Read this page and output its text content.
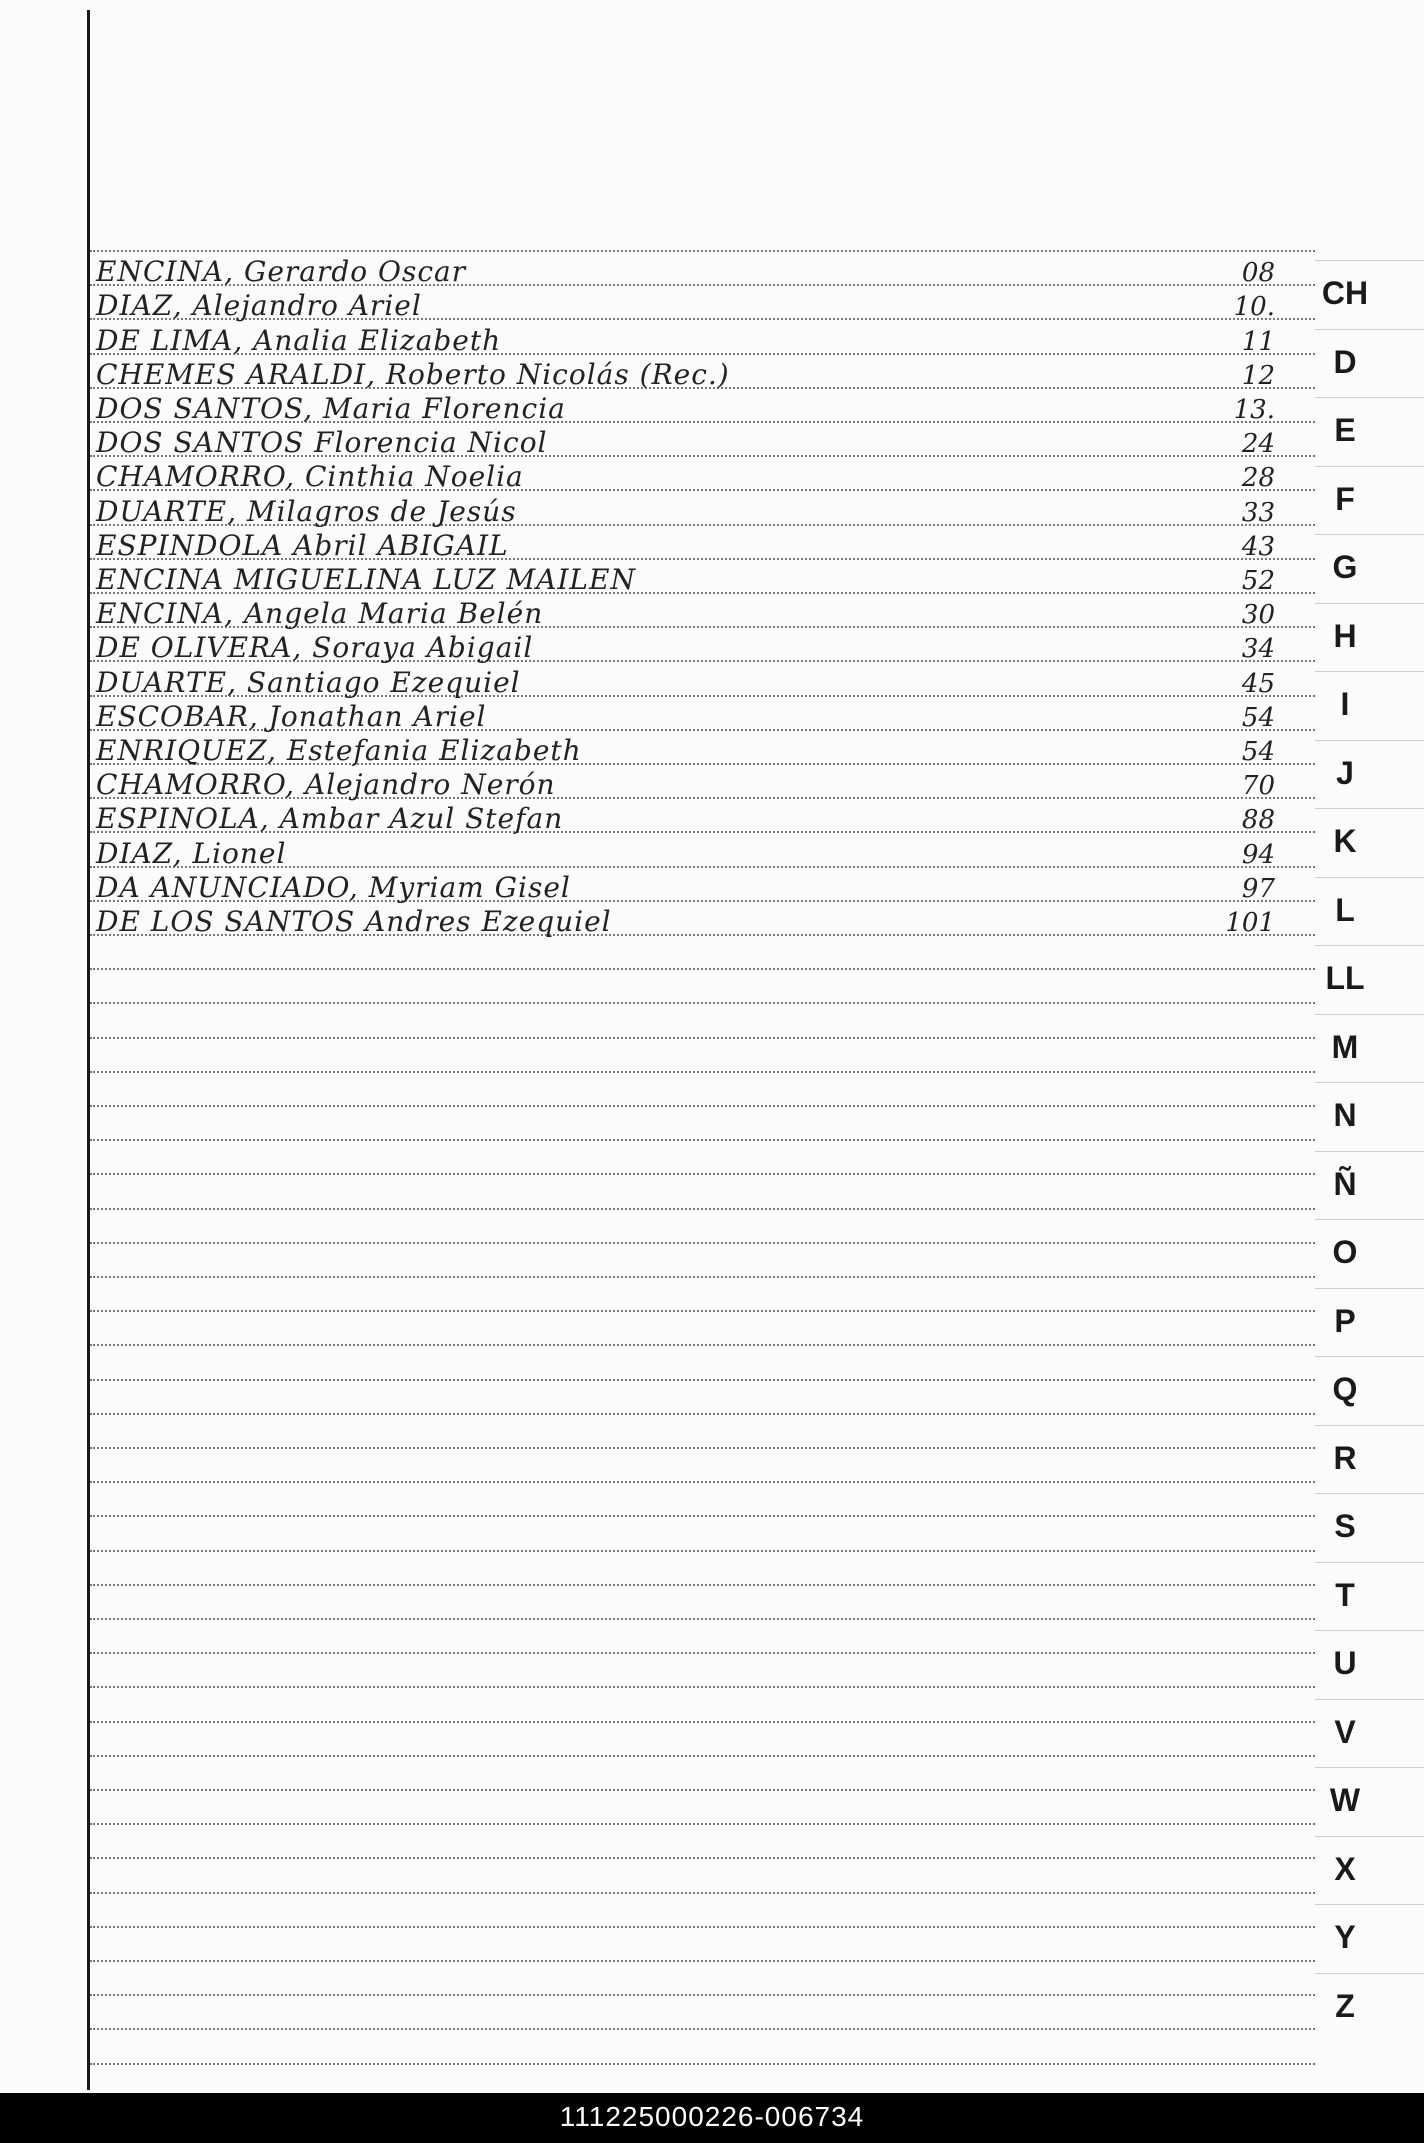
ENCINA, Gerardo Oscar	08
DIAZ, Alejandro Ariel	10.
DE LIMA, Analia Elizabeth	11
CHEMES ARALDI, Roberto Nicolás (Rec.)	12
DOS SANTOS, Maria Florencia	13.
DOS SANTOS Florencia Nicol	24
CHAMORRO, Cinthia Noelia	28
DUARTE, Milagros de Jesús	33
ESPINDOLA Abril ABIGAIL	43
ENCINA MIGUELINA LUZ MAILEN	52
ENCINA, Angela Maria Belén	30
DE OLIVERA, Soraya Abigail	34
DUARTE, Santiago Ezequiel	45
ESCOBAR, Jonathan Ariel	54
ENRIQUEZ, Estefania Elizabeth	54
CHAMORRO, Alejandro Nerón	70
ESPINOLA, Ambar Azul Stefan	88
DIAZ, Lionel	94
DA ANUNCIADO, Myriam Gisel	97
DE LOS SANTOS Andres Ezequiel	101
CH
D
E
F
G
H
I
J
K
L
LL
M
N
Ñ
O
P
Q
R
S
T
U
V
W
X
Y
Z
111225000226-006734
